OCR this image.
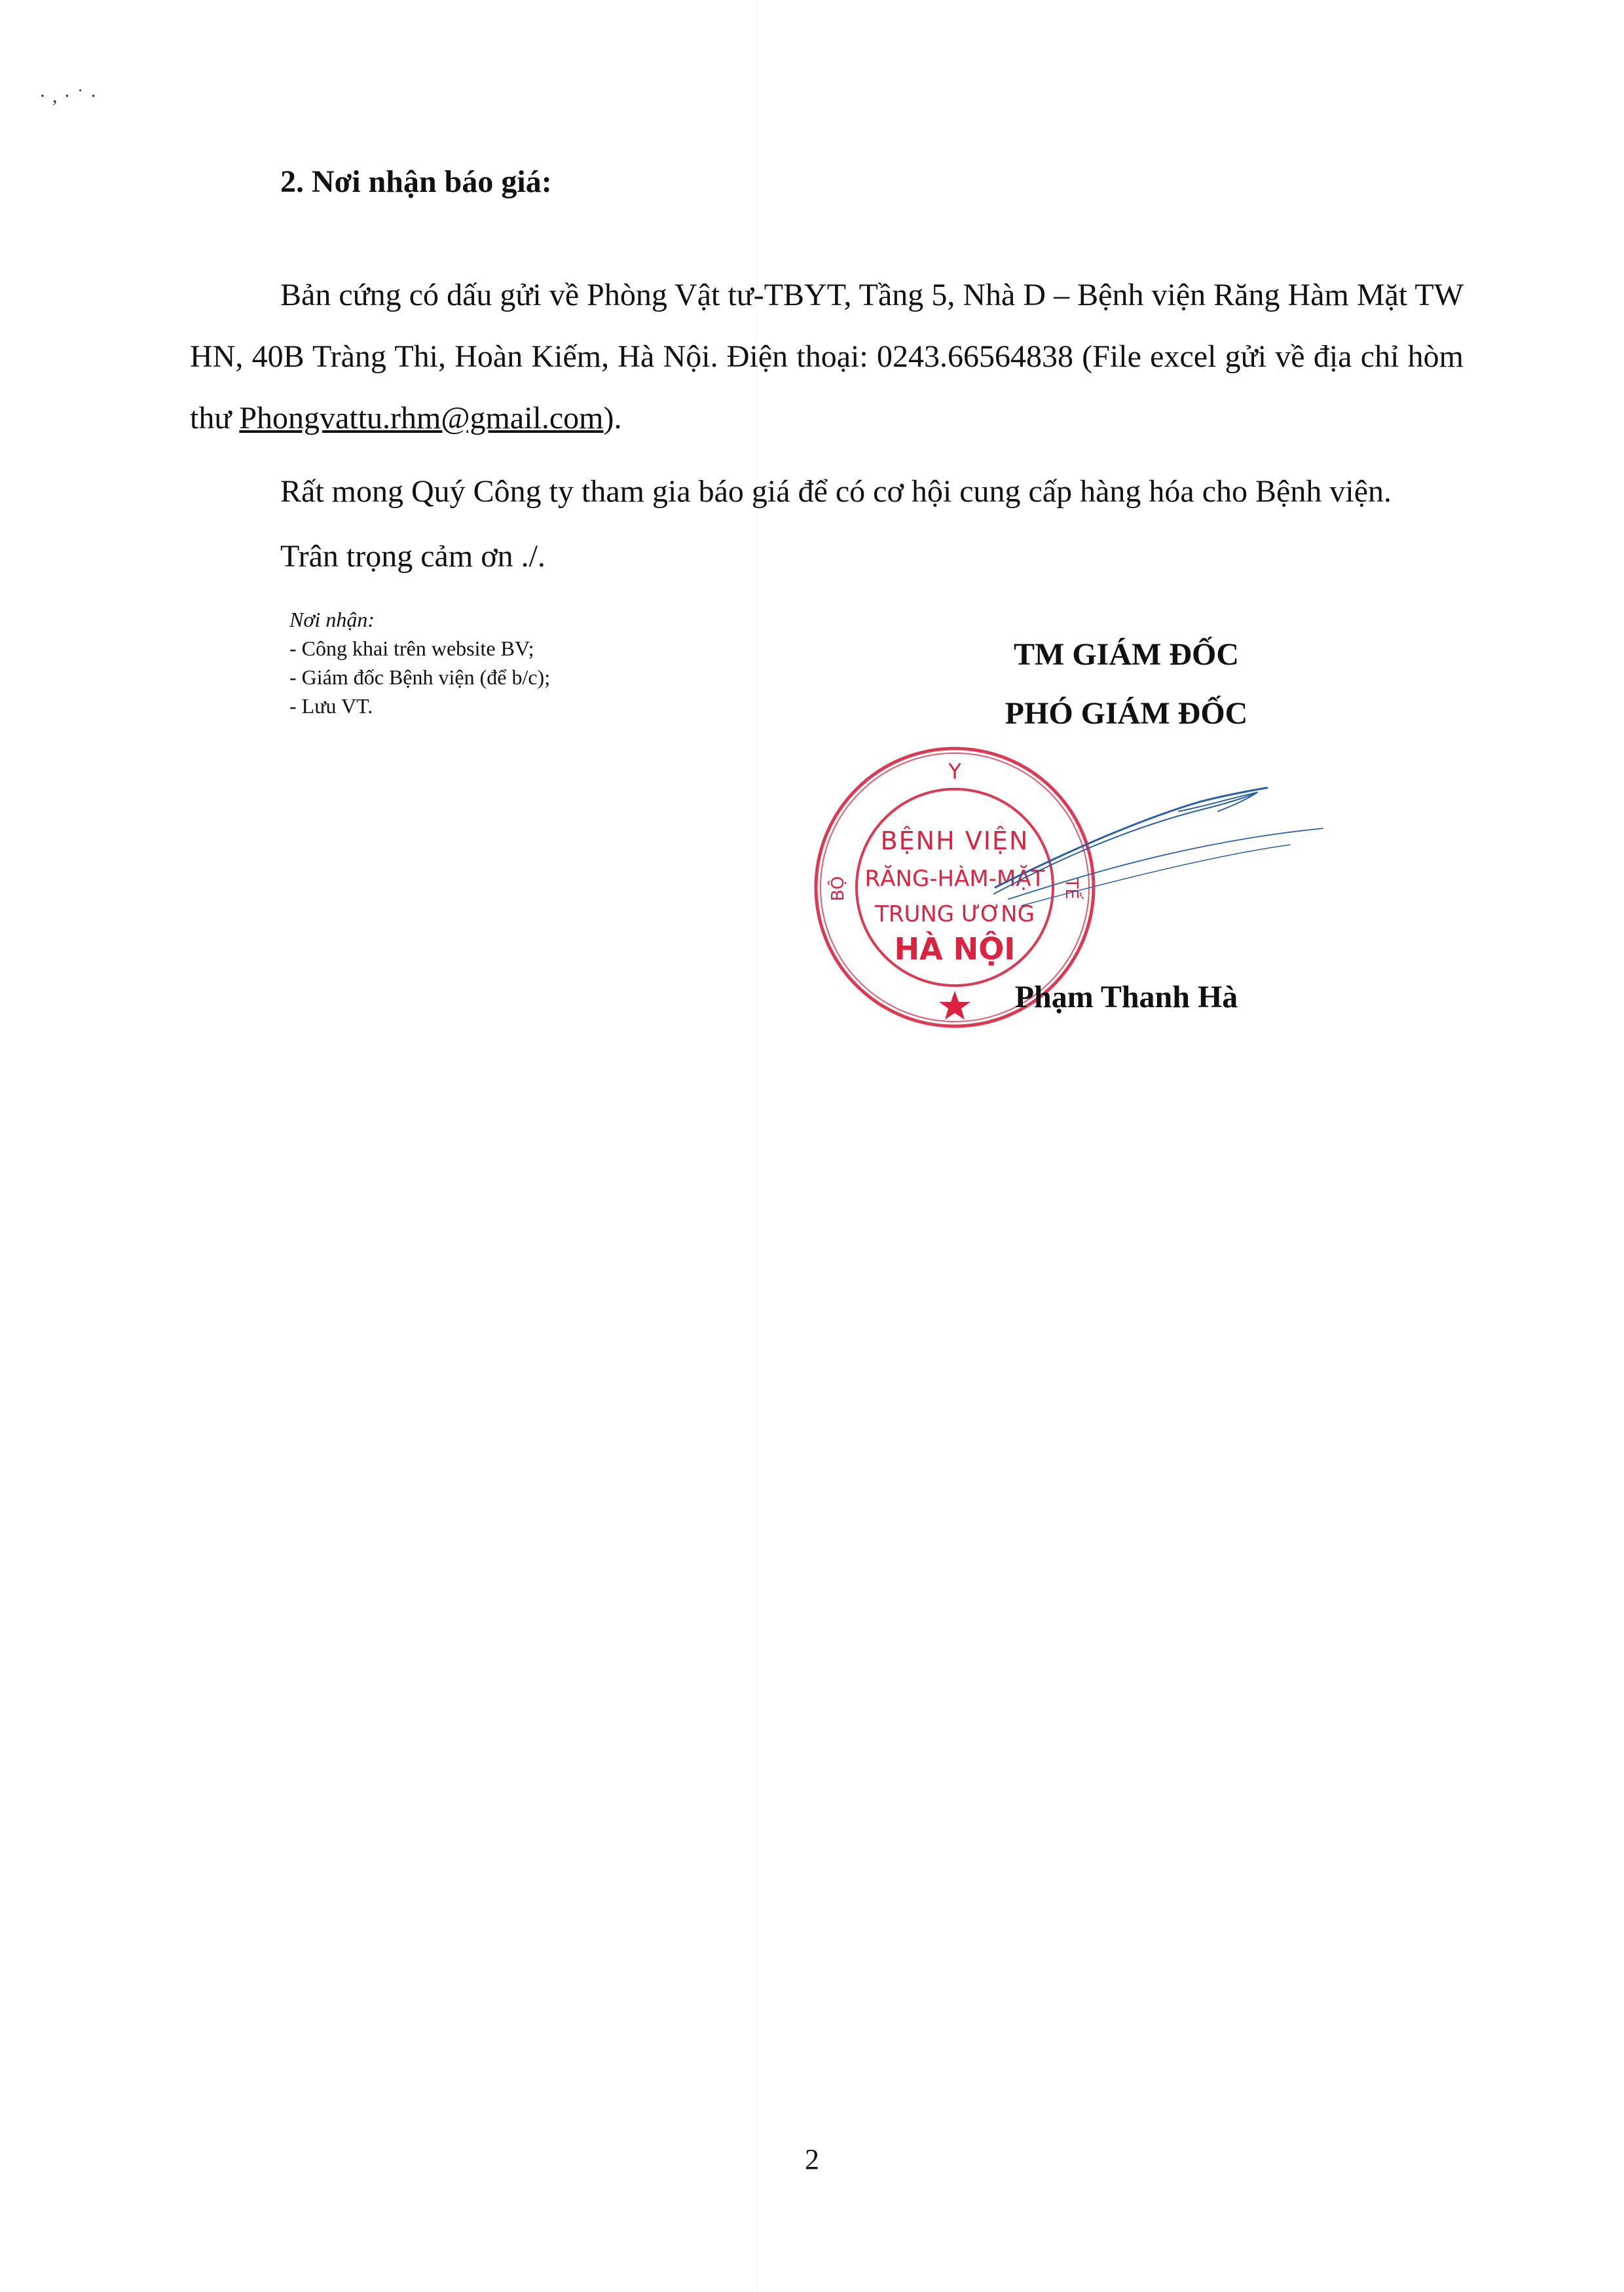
·,·˙·
2. Nơi nhận báo giá:

Bản cứng có dấu gửi về Phòng Vật tư-TBYT, Tầng 5, Nhà D – Bệnh viện Răng Hàm Mặt TW HN, 40B Tràng Thi, Hoàn Kiếm, Hà Nội. Điện thoại: 0243.66564838 (File excel gửi về địa chỉ hòm thư Phongvattu.rhm@gmail.com).

Rất mong Quý Công ty tham gia báo giá để có cơ hội cung cấp hàng hóa cho Bệnh viện.

Trân trọng cảm ơn ./.
Nơi nhận:
- Công khai trên website BV;
- Giám đốc Bệnh viện (để b/c);
- Lưu VT.
TM GIÁM ĐỐC
PHÓ GIÁM ĐỐC
Y
BỘ	TẾ
BỆNH VIỆN
RĂNG-HÀM-MẶT
TRUNG ƯƠNG
HÀ NỘI
Phạm Thanh Hà
2
